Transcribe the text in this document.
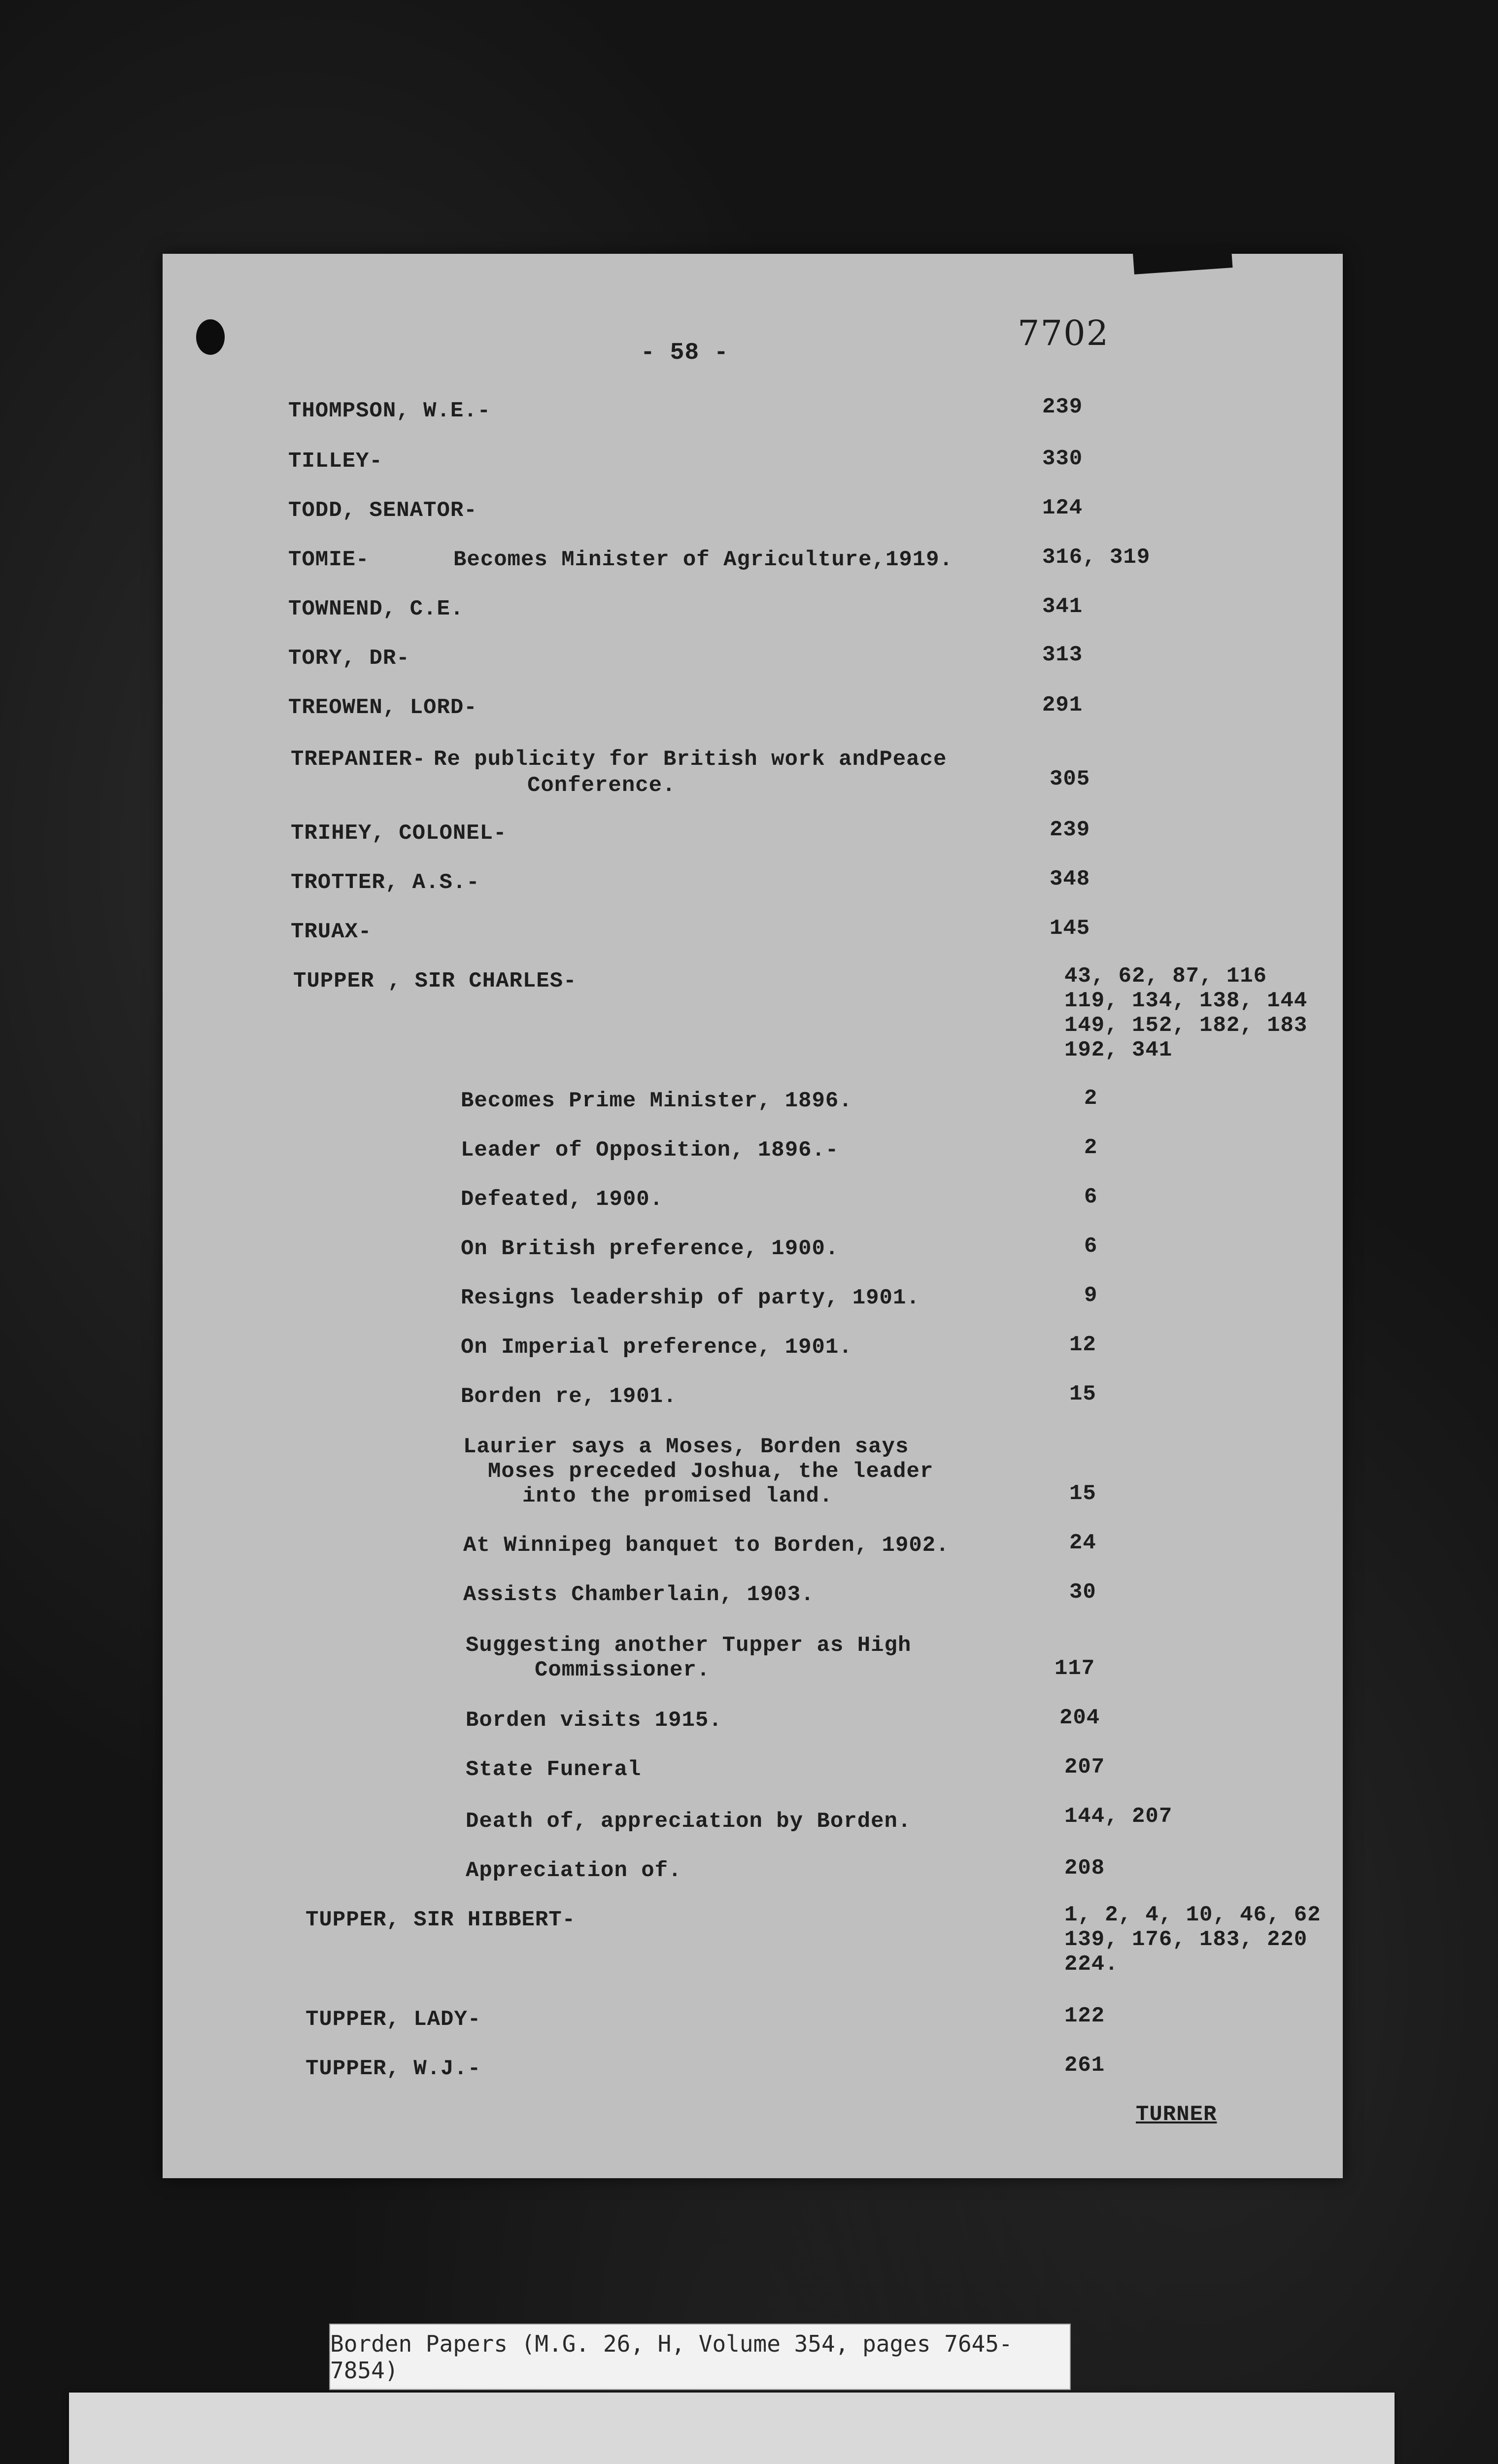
- 58 -	7702
THOMPSON, W.E.-	239
TILLEY-	330
TODD, SENATOR-	124
TOMIE-	Becomes Minister of Agriculture,1919.	316, 319
TOWNEND, C.E.	341
TORY, DR-	313
TREOWEN, LORD-	291
TREPANIER- Re publicity for British work andPeace
Conference.	305
TRIHEY, COLONEL-	239
TROTTER, A.S.-	348
TRUAX-	145
TUPPER , SIR CHARLES-	43, 62, 87, 116
119, 134, 138, 144
149, 152, 182, 183
192, 341
Becomes Prime Minister, 1896.	2
Leader of Opposition, 1896.-	2
Defeated, 1900.	6
On British preference, 1900.	6
Resigns leadership of party, 1901.	9
On Imperial preference, 1901.	12
Borden re, 1901.	15
Laurier says a Moses, Borden says
Moses preceded Joshua, the leader
into the promised land.	15
At Winnipeg banquet to Borden, 1902.	24
Assists Chamberlain, 1903.	30
Suggesting another Tupper as High
Commissioner.	117
Borden visits 1915.	204
State Funeral	207
Death of, appreciation by Borden.	144, 207
Appreciation of.	208
TUPPER, SIR HIBBERT-	1, 2, 4, 10, 46, 62
139, 176, 183, 220
224.
TUPPER, LADY-	122
TUPPER, W.J.-	261
TURNER
Borden Papers (M.G. 26, H, Volume 354, pages 7645-7854)
